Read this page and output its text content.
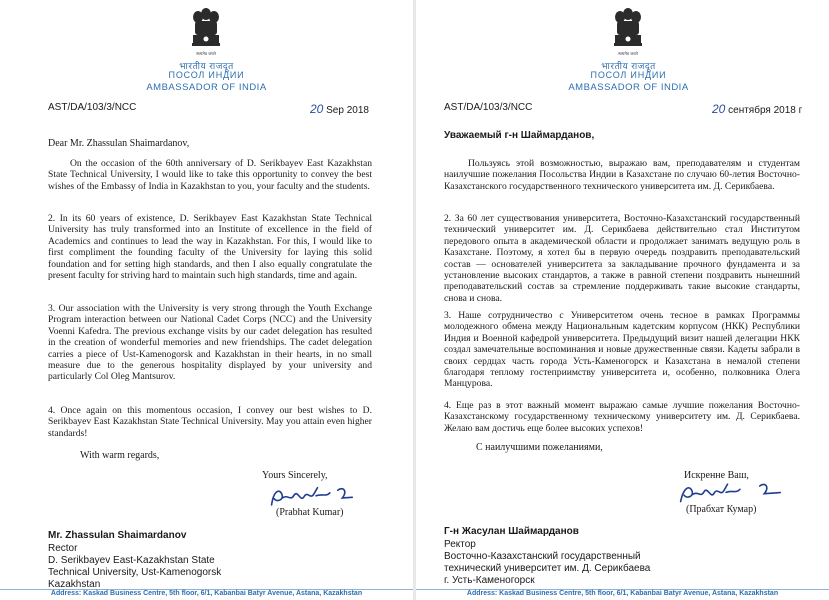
सत्यमेव जयते
भारतीय राजदूत
ПОСОЛ ИНДИИ
AMBASSADOR OF INDIA
AST/DA/103/3/NCC	20 Sep 2018
Dear Mr. Zhassulan Shaimardanov,
On the occasion of the 60th anniversary of D. Serikbayev East Kazakhstan State Technical University, I would like to take this opportunity to convey the best wishes of the Embassy of India in Kazakhstan to you, your faculty and the students.
2. In its 60 years of existence, D. Serikbayev East Kazakhstan State Technical University has truly transformed into an Institute of excellence in the field of Academics and continues to lead the way in Kazakhstan. For this, I would like to first compliment the founding faculty of the University for laying this solid foundation and for setting high standards, and then I also equally congratulate the present faculty for striving hard to maintain such high standards, time and again.
3. Our association with the University is very strong through the Youth Exchange Program interaction between our National Cadet Corps (NCC) and the University Voenni Kafedra. The previous exchange visits by our cadet delegation has resulted in the creation of wonderful memories and new friendships. The cadet delegation carries a piece of Ust-Kamenogorsk and Kazakhstan in their hearts, in no small measure due to the generous hospitality displayed by your university and particularly Col Oleg Mantsurov.
4. Once again on this momentous occasion, I convey our best wishes to D. Serikbayev East Kazakhstan State Technical University. May you attain even higher standards!
With warm regards,
Yours Sincerely,
(Prabhat Kumar)
Mr. Zhassulan Shaimardanov
Rector
D. Serikbayev East-Kazakhstan State
Technical University, Ust-Kamenogorsk
Kazakhstan
Address: Kaskad Business Centre, 5th floor, 6/1, Kabanbai Batyr Avenue, Astana, Kazakhstan
सत्यमेव जयते
भारतीय राजदूत
ПОСОЛ ИНДИИ
AMBASSADOR OF INDIA
AST/DA/103/3/NCC	20 сентября 2018 г
Уважаемый г-н Шаймарданов,
Пользуясь этой возможностью, выражаю вам, преподавателям и студентам наилучшие пожелания Посольства Индии в Казахстане по случаю 60-летия Восточно-Казахстанского государственного технического университета им. Д. Серикбаева.
2. За 60 лет существования университета, Восточно-Казахстанский государственный технический университет им. Д. Серикбаева действительно стал Институтом передового опыта в академической области и продолжает занимать ведущую роль в Казахстане. Поэтому, я хотел бы в первую очередь поздравить преподавательский состав — основателей университета за закладывание прочного фундамента и за установление высоких стандартов, а также в равной степени поздравить нынешний преподавательский состав за стремление поддерживать такие высокие стандарты, снова и снова.
3. Наше сотрудничество с Университетом очень тесное в рамках Программы молодежного обмена между Национальным кадетским корпусом (НКК) Республики Индия и Военной кафедрой университета. Предыдущий визит нашей делегации НКК создал замечательные воспоминания и новые дружественные связи. Кадеты забрали в своих сердцах часть города Усть-Каменогорск и Казахстана в немалой степени благодаря теплому гостеприимству университета и, особенно, полковника Олега Манцурова.
4. Еще раз в этот важный момент выражаю самые лучшие пожелания Восточно-Казахстанскому государственному техническому университету им. Д. Серикбаева. Желаю вам достичь еще более высоких успехов!
С наилучшими пожеланиями,
Искренне Ваш,
(Прабхат Кумар)
Г-н Жасулан Шаймарданов
Ректор
Восточно-Казахстанский государственный
технический университет им. Д. Серикбаева
г. Усть-Каменогорск
Address: Kaskad Business Centre, 5th floor, 6/1, Kabanbai Batyr Avenue, Astana, Kazakhstan
